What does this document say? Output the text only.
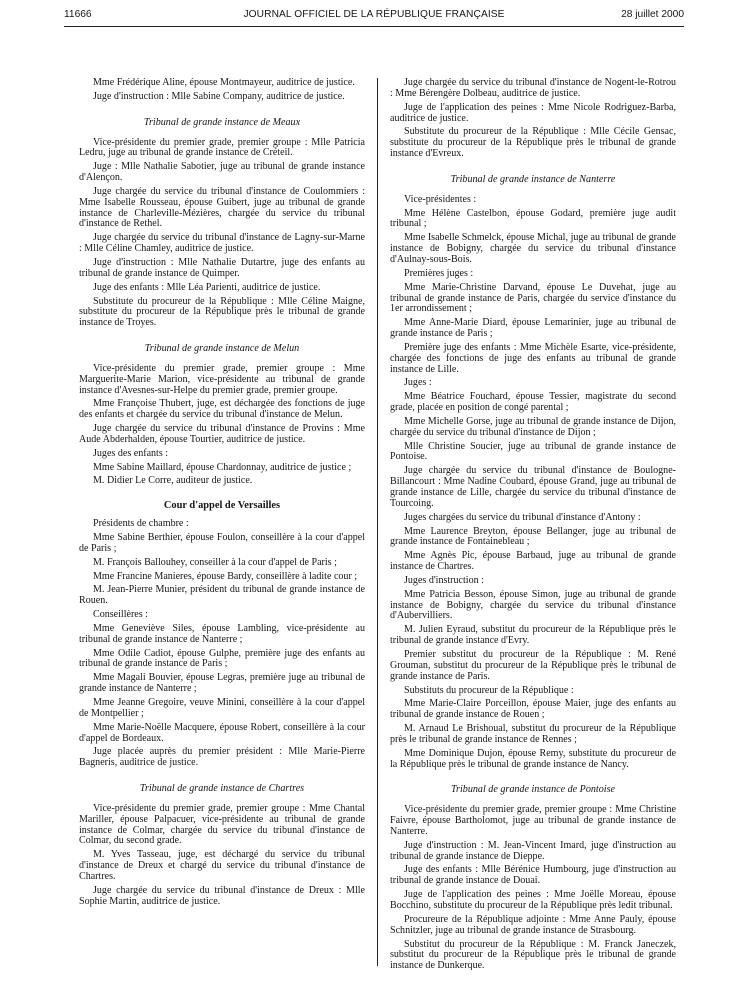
11666	JOURNAL OFFICIEL DE LA RÉPUBLIQUE FRANÇAISE	28 juillet 2000

Mme Frédérique Aline, épouse Montmayeur, auditrice de justice.

Juge d'instruction : Mlle Sabine Company, auditrice de justice.

Tribunal de grande instance de Meaux

Vice-présidente du premier grade, premier groupe : Mlle Patricia Ledru, juge au tribunal de grande instance de Créteil.

Juge : Mlle Nathalie Sabotier, juge au tribunal de grande instance d'Alençon.

Juge chargée du service du tribunal d'instance de Coulommiers : Mme Isabelle Rousseau, épouse Guibert, juge au tribunal de grande instance de Charleville-Mézières, chargée du service du tribunal d'instance de Rethel.

Juge chargée du service du tribunal d'instance de Lagny-sur-Marne : Mlle Céline Chamley, auditrice de justice.

Juge d'instruction : Mlle Nathalie Dutartre, juge des enfants au tribunal de grande instance de Quimper.

Juge des enfants : Mlle Léa Parienti, auditrice de justice.

Substitute du procureur de la République : Mlle Céline Maigne, substitute du procureur de la République près le tribunal de grande instance de Troyes.

Tribunal de grande instance de Melun

Vice-présidente du premier grade, premier groupe : Mme Marguerite-Marie Marion, vice-présidente au tribunal de grande instance d'Avesnes-sur-Helpe du premier grade, premier groupe.

Mme Françoise Thubert, juge, est déchargée des fonctions de juge des enfants et chargée du service du tribunal d'instance de Melun.

Juge chargée du service du tribunal d'instance de Provins : Mme Aude Abderhalden, épouse Tourtier, auditrice de justice.

Juges des enfants :

Mme Sabine Maillard, épouse Chardonnay, auditrice de justice ;

M. Didier Le Corre, auditeur de justice.

Cour d'appel de Versailles

Présidents de chambre :

Mme Sabine Berthier, épouse Foulon, conseillère à la cour d'appel de Paris ;

M. François Ballouhey, conseiller à la cour d'appel de Paris ;

Mme Francine Manieres, épouse Bardy, conseillère à ladite cour ;

M. Jean-Pierre Munier, président du tribunal de grande instance de Rouen.

Conseillères :

Mme Geneviève Siles, épouse Lambling, vice-présidente au tribunal de grande instance de Nanterre ;

Mme Odile Cadiot, épouse Gulphe, première juge des enfants au tribunal de grande instance de Paris ;

Mme Magali Bouvier, épouse Legras, première juge au tribunal de grande instance de Nanterre ;

Mme Jeanne Gregoire, veuve Minini, conseillère à la cour d'appel de Montpellier ;

Mme Marie-Noëlle Macquere, épouse Robert, conseillère à la cour d'appel de Bordeaux.

Juge placée auprès du premier président : Mlle Marie-Pierre Bagneris, auditrice de justice.

Tribunal de grande instance de Chartres

Vice-présidente du premier grade, premier groupe : Mme Chantal Mariller, épouse Palpacuer, vice-présidente au tribunal de grande instance de Colmar, chargée du service du tribunal d'instance de Colmar, du second grade.

M. Yves Tasseau, juge, est déchargé du service du tribunal d'instance de Dreux et chargé du service du tribunal d'instance de Chartres.

Juge chargée du service du tribunal d'instance de Dreux : Mlle Sophie Martin, auditrice de justice.

Juge chargée du service du tribunal d'instance de Nogent-le-Rotrou : Mme Bérengère Dolbeau, auditrice de justice.

Juge de l'application des peines : Mme Nicole Rodriguez-Barba, auditrice de justice.

Substitute du procureur de la République : Mlle Cécile Gensac, substitute du procureur de la République près le tribunal de grande instance d'Evreux.

Tribunal de grande instance de Nanterre

Vice-présidentes :

Mme Hélène Castelbon, épouse Godard, première juge audit tribunal ;

Mme Isabelle Schmelck, épouse Michal, juge au tribunal de grande instance de Bobigny, chargée du service du tribunal d'instance d'Aulnay-sous-Bois.

Premières juges :

Mme Marie-Christine Darvand, épouse Le Duvehat, juge au tribunal de grande instance de Paris, chargée du service d'instance du 1er arrondissement ;

Mme Anne-Marie Diard, épouse Lemarinier, juge au tribunal de grande instance de Paris ;

Première juge des enfants : Mme Michèle Esarte, vice-présidente, chargée des fonctions de juge des enfants au tribunal de grande instance de Lille.

Juges :

Mme Béatrice Fouchard, épouse Tessier, magistrate du second grade, placée en position de congé parental ;

Mme Michelle Gorse, juge au tribunal de grande instance de Dijon, chargée du service du tribunal d'instance de Dijon ;

Mlle Christine Soucier, juge au tribunal de grande instance de Pontoise.

Juge chargée du service du tribunal d'instance de Boulogne-Billancourt : Mme Nadine Coubard, épouse Grand, juge au tribunal de grande instance de Lille, chargée du service du tribunal d'instance de Tourcoing.

Juges chargées du service du tribunal d'instance d'Antony :

Mme Laurence Breyton, épouse Bellanger, juge au tribunal de grande instance de Fontainebleau ;

Mme Agnès Pic, épouse Barbaud, juge au tribunal de grande instance de Chartres.

Juges d'instruction :

Mme Patricia Besson, épouse Simon, juge au tribunal de grande instance de Bobigny, chargée du service du tribunal d'instance d'Aubervilliers.

M. Julien Eyraud, substitut du procureur de la République près le tribunal de grande instance d'Evry.

Premier substitut du procureur de la République : M. René Grouman, substitut du procureur de la République près le tribunal de grande instance de Paris.

Substituts du procureur de la République :

Mme Marie-Claire Porceillon, épouse Maier, juge des enfants au tribunal de grande instance de Rouen ;

M. Arnaud Le Brishoual, substitut du procureur de la République près le tribunal de grande instance de Rennes ;

Mme Dominique Dujon, épouse Remy, substitute du procureur de la République près le tribunal de grande instance de Nancy.

Tribunal de grande instance de Pontoise

Vice-présidente du premier grade, premier groupe : Mme Christine Faivre, épouse Bartholomot, juge au tribunal de grande instance de Nanterre.

Juge d'instruction : M. Jean-Vincent Imard, juge d'instruction au tribunal de grande instance de Dieppe.

Juge des enfants : Mlle Bérénice Humbourg, juge d'instruction au tribunal de grande instance de Douai.

Juge de l'application des peines : Mme Joëlle Moreau, épouse Bocchino, substitute du procureur de la République près ledit tribunal.

Procureure de la République adjointe : Mme Anne Pauly, épouse Schnitzler, juge au tribunal de grande instance de Strasbourg.

Substitut du procureur de la République : M. Franck Janeczek, substitut du procureur de la République près le tribunal de grande instance de Dunkerque.
